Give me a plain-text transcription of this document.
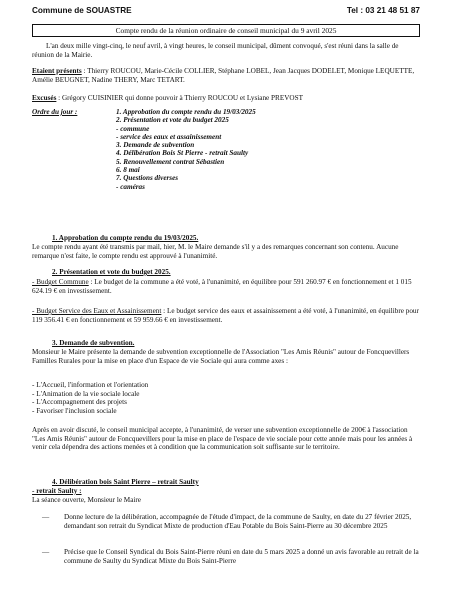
Commune de SOUASTRE	Tel : 03 21 48 51 87
Compte rendu de la réunion ordinaire de conseil municipal du 9 avril 2025
L'an deux mille vingt-cinq, le neuf avril, à vingt heures, le conseil municipal, dûment convoqué, s'est réuni dans la salle de réunion de la Mairie.
Etaient présents : Thierry ROUCOU, Marie-Cécile COLLIER, Stéphane LOBEL, Jean Jacques DODELET, Monique LEQUETTE, Amélie BEUGNET, Nadine THERY, Marc TETART.
Excusés : Grégory CUISINIER qui donne pouvoir à Thierry ROUCOU et Lysiane PREVOST
Ordre du jour :	1. Approbation du compte rendu du 19/03/2025
2. Présentation et vote du budget 2025
- commune
- service des eaux et assainissement
3. Demande de subvention
4. Délibération Bois St Pierre - retrait Saulty
5. Renouvellement contrat Sébastien
6. 8 mai
7. Questions diverses
- caméras
1. Approbation du compte rendu du 19/03/2025.
Le compte rendu ayant été transmis par mail, hier, M. le Maire demande s'il y a des remarques concernant son contenu. Aucune remarque n'est faite, le compte rendu est approuvé à l'unanimité.
2. Présentation et vote du budget 2025.
- Budget Commune : Le budget de la commune a été voté, à l'unanimité, en équilibre pour 591 260.97 € en fonctionnement et 1 015 624.19 € en investissement.
- Budget Service des Eaux et Assainissement : Le budget service des eaux et assainissement a été voté, à l'unanimité, en équilibre pour 119 356.41 € en fonctionnement et 59 959.66 € en investissement.
3. Demande de subvention.
Monsieur le Maire présente la demande de subvention exceptionnelle de l'Association "Les Amis Réunis" autour de Foncquevillers Familles Rurales pour la mise en place d'un Espace de vie Sociale qui aura comme axes :
- L'Accueil, l'information et l'orientation
- L'Animation de la vie sociale locale
- L'Accompagnement des projets
- Favoriser l'inclusion sociale
Après en avoir discuté, le conseil municipal accepte, à l'unanimité, de verser une subvention exceptionnelle de 200€ à l'association "Les Amis Réunis" autour de Foncquevillers pour la mise en place de l'espace de vie sociale pour cette année mais pour les années à venir cela dépendra des actions menées et à condition que la communication soit suffisante sur le territoire.
4. Délibération bois Saint Pierre – retrait Saulty
- retrait Saulty :
La séance ouverte, Monsieur le Maire
— Donne lecture de la délibération, accompagnée de l'étude d'impact, de la commune de Saulty, en date du 27 février 2025, demandant son retrait du Syndicat Mixte de production d'Eau Potable du Bois Saint-Pierre au 30 décembre 2025
— Précise que le Conseil Syndical du Bois Saint-Pierre réuni en date du 5 mars 2025 a donné un avis favorable au retrait de la commune de Saulty du Syndicat Mixte du Bois Saint-Pierre
